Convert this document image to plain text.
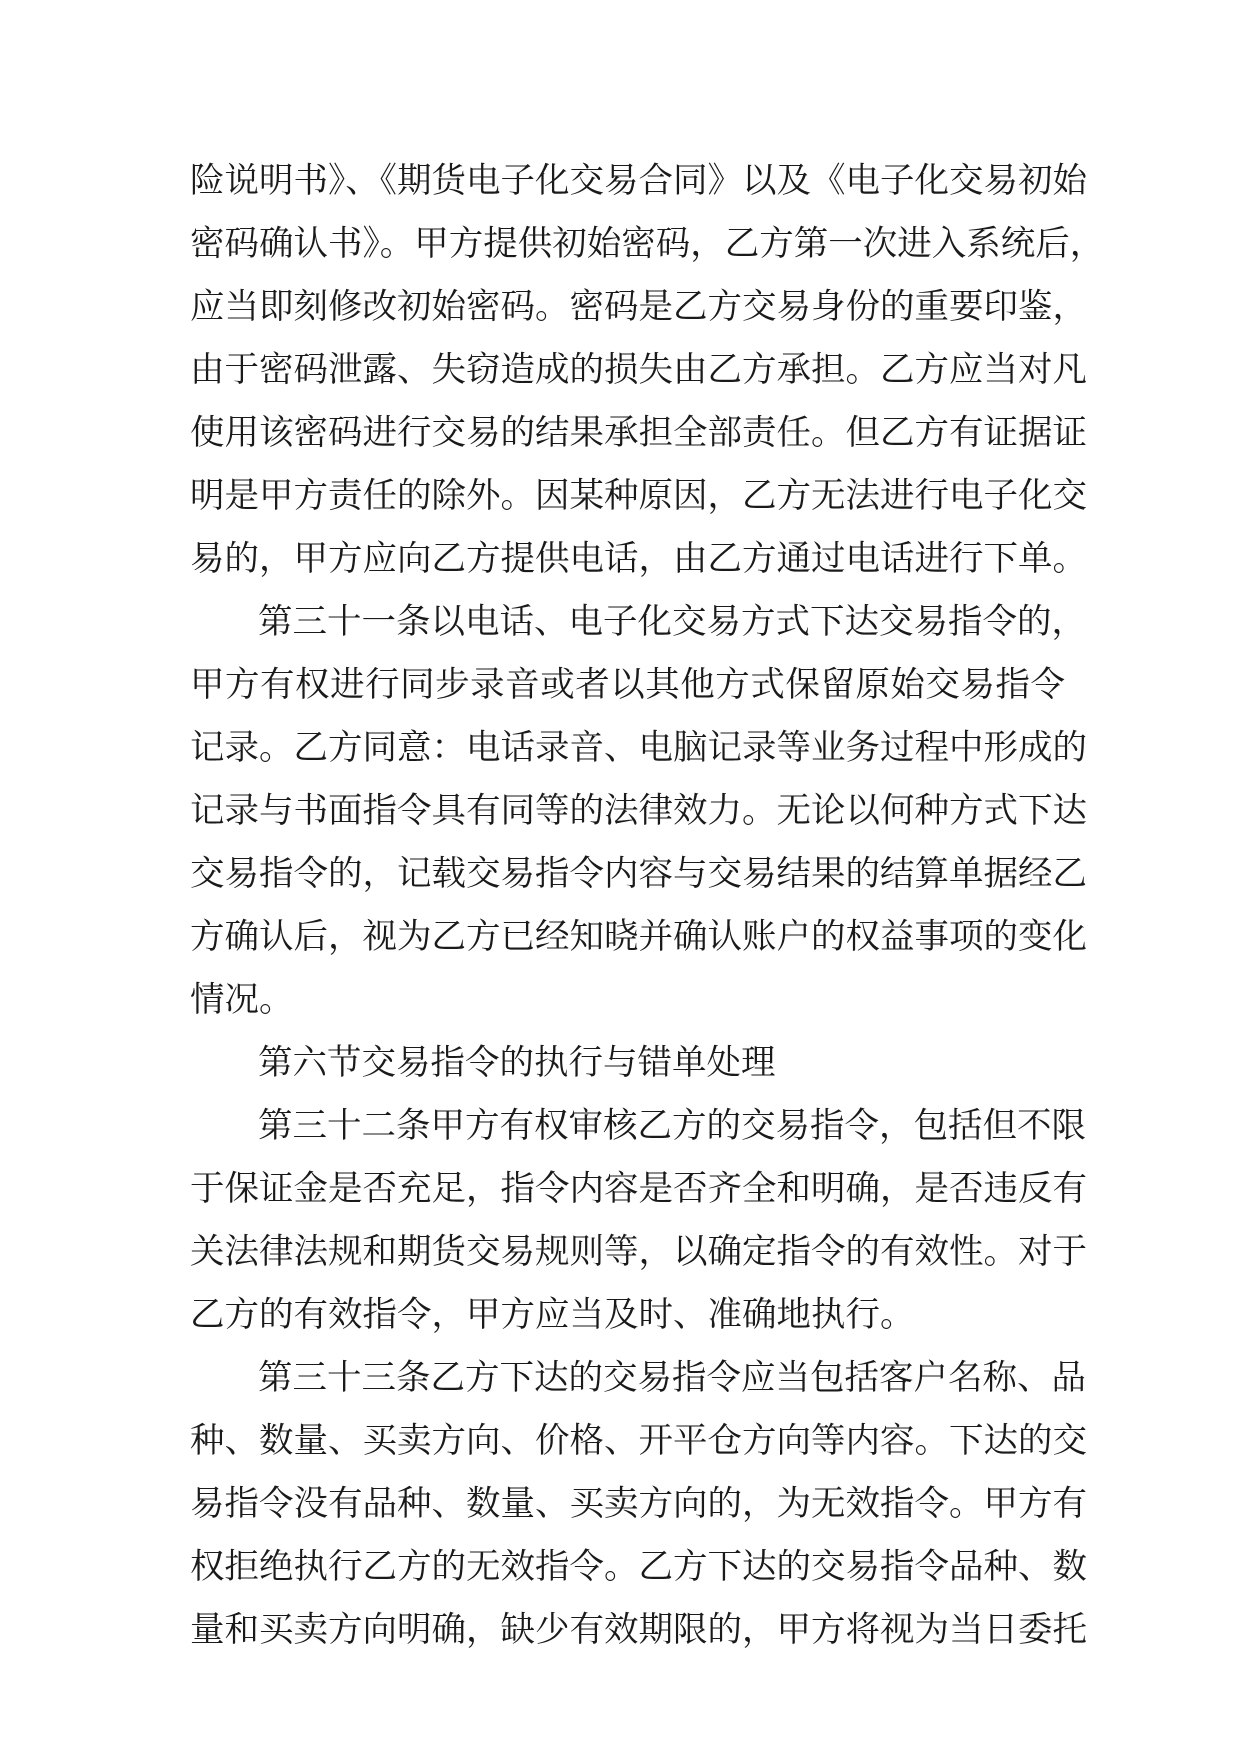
险说明书》、《期货电子化交易合同》以及《电子化交易初始
密码确认书》。甲方提供初始密码，乙方第一次进入系统后，
应当即刻修改初始密码。密码是乙方交易身份的重要印鉴，
由于密码泄露、失窃造成的损失由乙方承担。乙方应当对凡
使用该密码进行交易的结果承担全部责任。但乙方有证据证
明是甲方责任的除外。因某种原因，乙方无法进行电子化交
易的，甲方应向乙方提供电话，由乙方通过电话进行下单。
第三十一条以电话、电子化交易方式下达交易指令的，
甲方有权进行同步录音或者以其他方式保留原始交易指令
记录。乙方同意：电话录音、电脑记录等业务过程中形成的
记录与书面指令具有同等的法律效力。无论以何种方式下达
交易指令的，记载交易指令内容与交易结果的结算单据经乙
方确认后，视为乙方已经知晓并确认账户的权益事项的变化
情况。
第六节交易指令的执行与错单处理
第三十二条甲方有权审核乙方的交易指令，包括但不限
于保证金是否充足，指令内容是否齐全和明确，是否违反有
关法律法规和期货交易规则等，以确定指令的有效性。对于
乙方的有效指令，甲方应当及时、准确地执行。
第三十三条乙方下达的交易指令应当包括客户名称、品
种、数量、买卖方向、价格、开平仓方向等内容。下达的交
易指令没有品种、数量、买卖方向的，为无效指令。甲方有
权拒绝执行乙方的无效指令。乙方下达的交易指令品种、数
量和买卖方向明确，缺少有效期限的，甲方将视为当日委托
